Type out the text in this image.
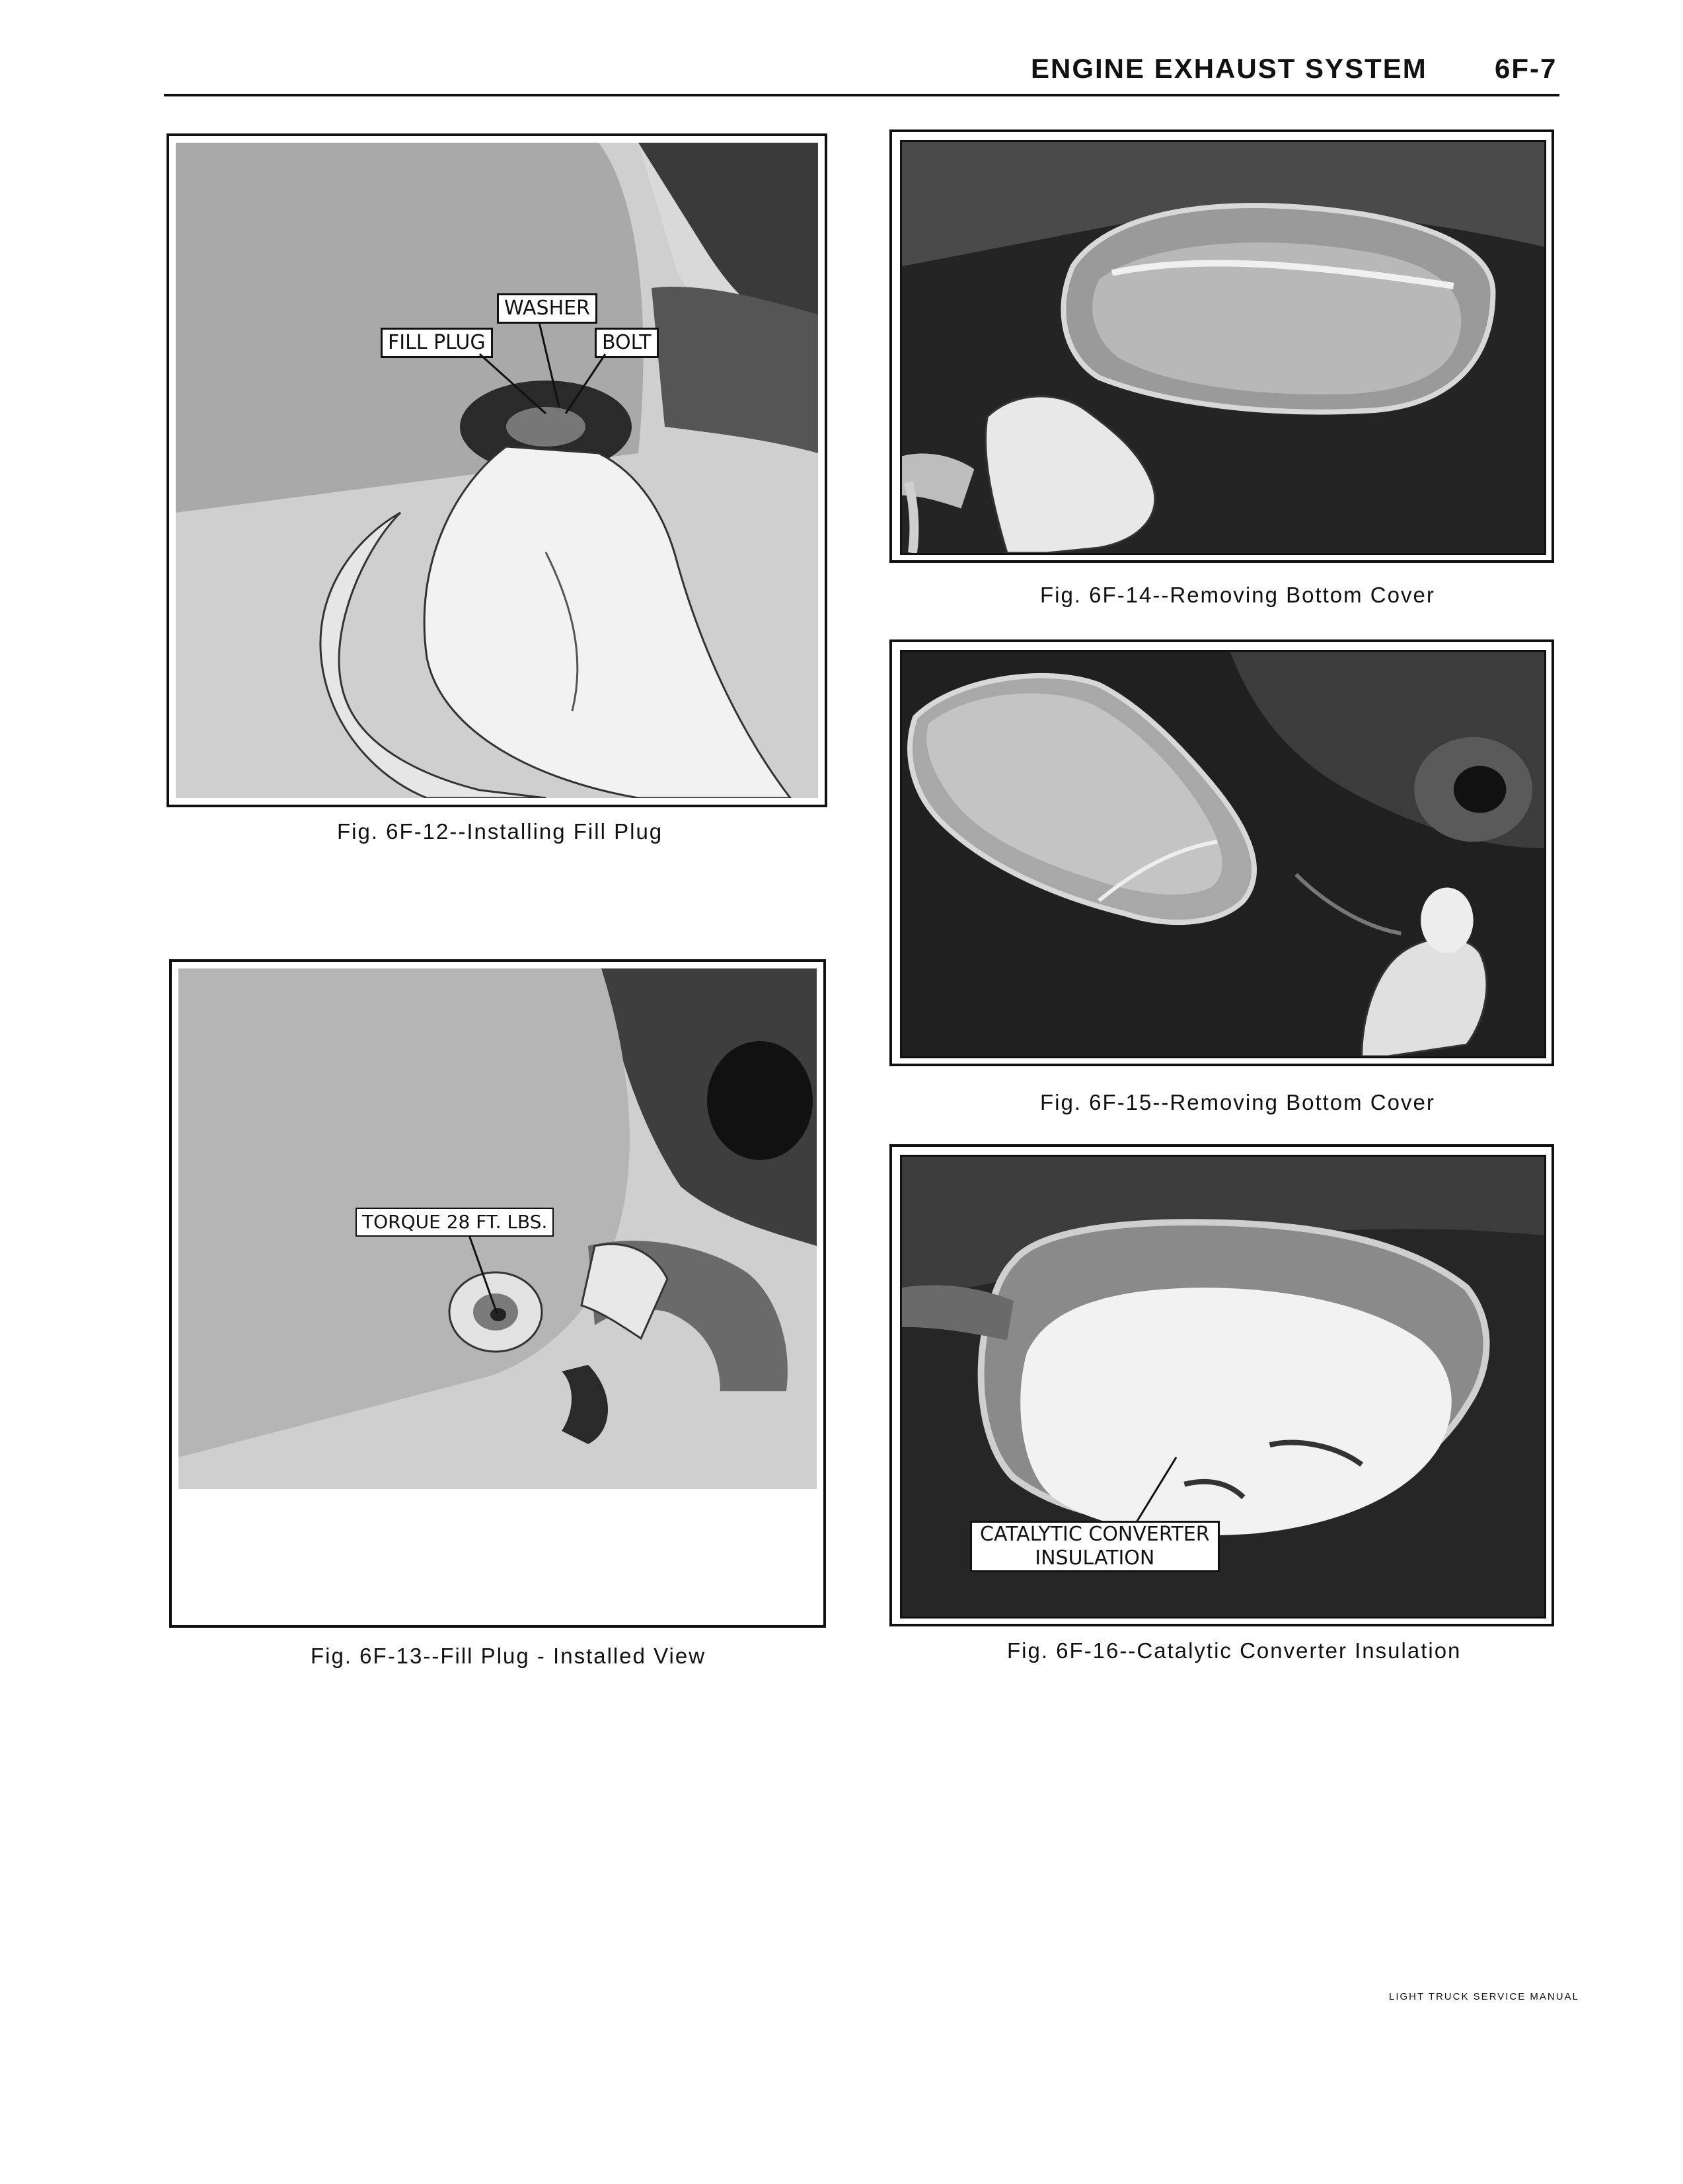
ENGINE EXHAUST SYSTEM 6F-7
WASHER
FILL PLUG	BOLT
Fig. 6F-12--Installing Fill Plug
TORQUE 28 FT. LBS.
Fig. 6F-13--Fill Plug - Installed View
Fig. 6F-14--Removing Bottom Cover
Fig. 6F-15--Removing Bottom Cover
CATALYTIC CONVERTER
INSULATION
Fig. 6F-16--Catalytic Converter Insulation
LIGHT TRUCK SERVICE MANUAL
